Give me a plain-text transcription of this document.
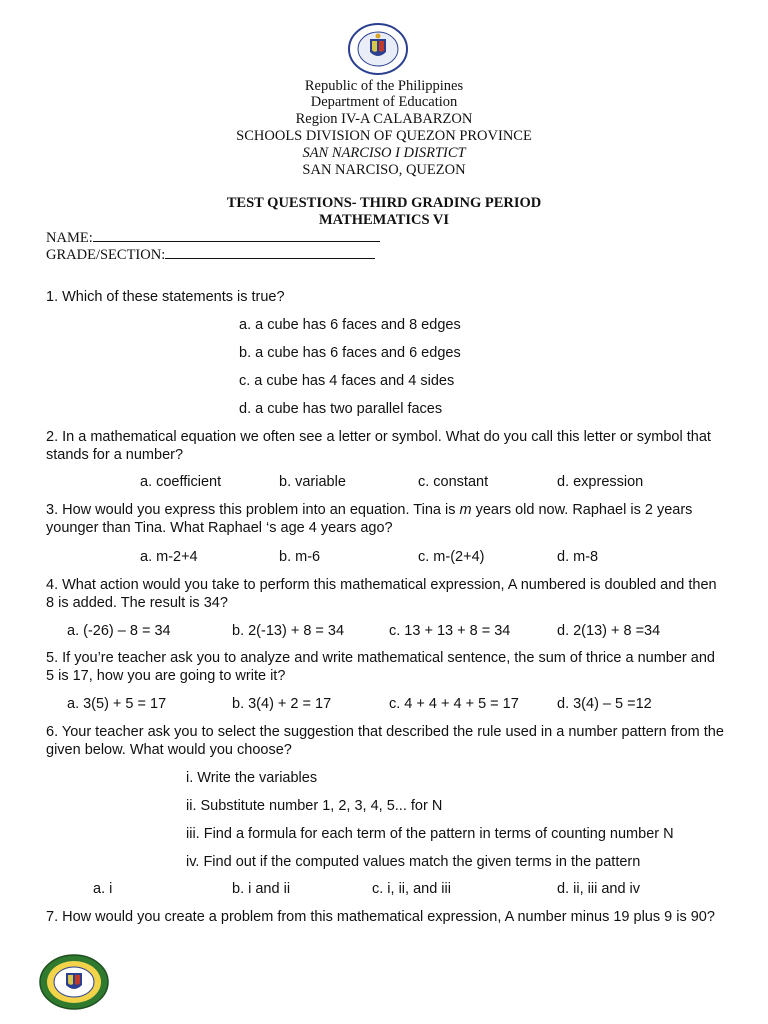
Republic of the Philippines
Department of Education
Region IV-A CALABARZON
SCHOOLS DIVISION OF QUEZON PROVINCE
SAN NARCISO I DISRTICT
SAN NARCISO, QUEZON
TEST QUESTIONS- THIRD GRADING PERIOD
MATHEMATICS VI
NAME:
GRADE/SECTION:
1. Which of these statements is true?
a. a cube has 6 faces and 8 edges
b. a cube has 6 faces and 6 edges
c. a cube has 4 faces and 4 sides
d. a cube has two parallel faces
2. In a mathematical equation we often see a letter or symbol. What do you call this letter or symbol that stands for a number?
a. coefficient	b. variable	c. constant	d. expression
3. How would you express this problem into an equation. Tina is m years old now. Raphael is 2 years younger than Tina. What Raphael ‘s age 4 years ago?
a. m-2+4	b. m-6	c. m-(2+4)	d. m-8
4. What action would you take to perform this mathematical expression, A numbered is doubled and then 8 is added. The result is 34?
a. (-26) – 8 = 34	b. 2(-13) + 8 = 34	c. 13 + 13 + 8 = 34	d. 2(13) + 8 =34
5. If you’re teacher ask you to analyze and write mathematical sentence, the sum of thrice a number and 5 is 17, how you are going to write it?
a. 3(5) + 5 = 17	b. 3(4) + 2 = 17	c. 4 + 4 + 4 + 5 = 17	d. 3(4) – 5 =12
6. Your teacher ask you to select the suggestion that described the rule used in a number pattern from the given below. What would you choose?
i. Write the variables
ii. Substitute number 1, 2, 3, 4, 5... for N
iii. Find a formula for each term of the pattern in terms of counting number N
iv. Find out if the computed values match the given terms in the pattern
a. i	b. i and ii	c. i, ii, and iii	d. ii, iii and iv
7. How would you create a problem from this mathematical expression, A number minus 19 plus 9 is 90?
